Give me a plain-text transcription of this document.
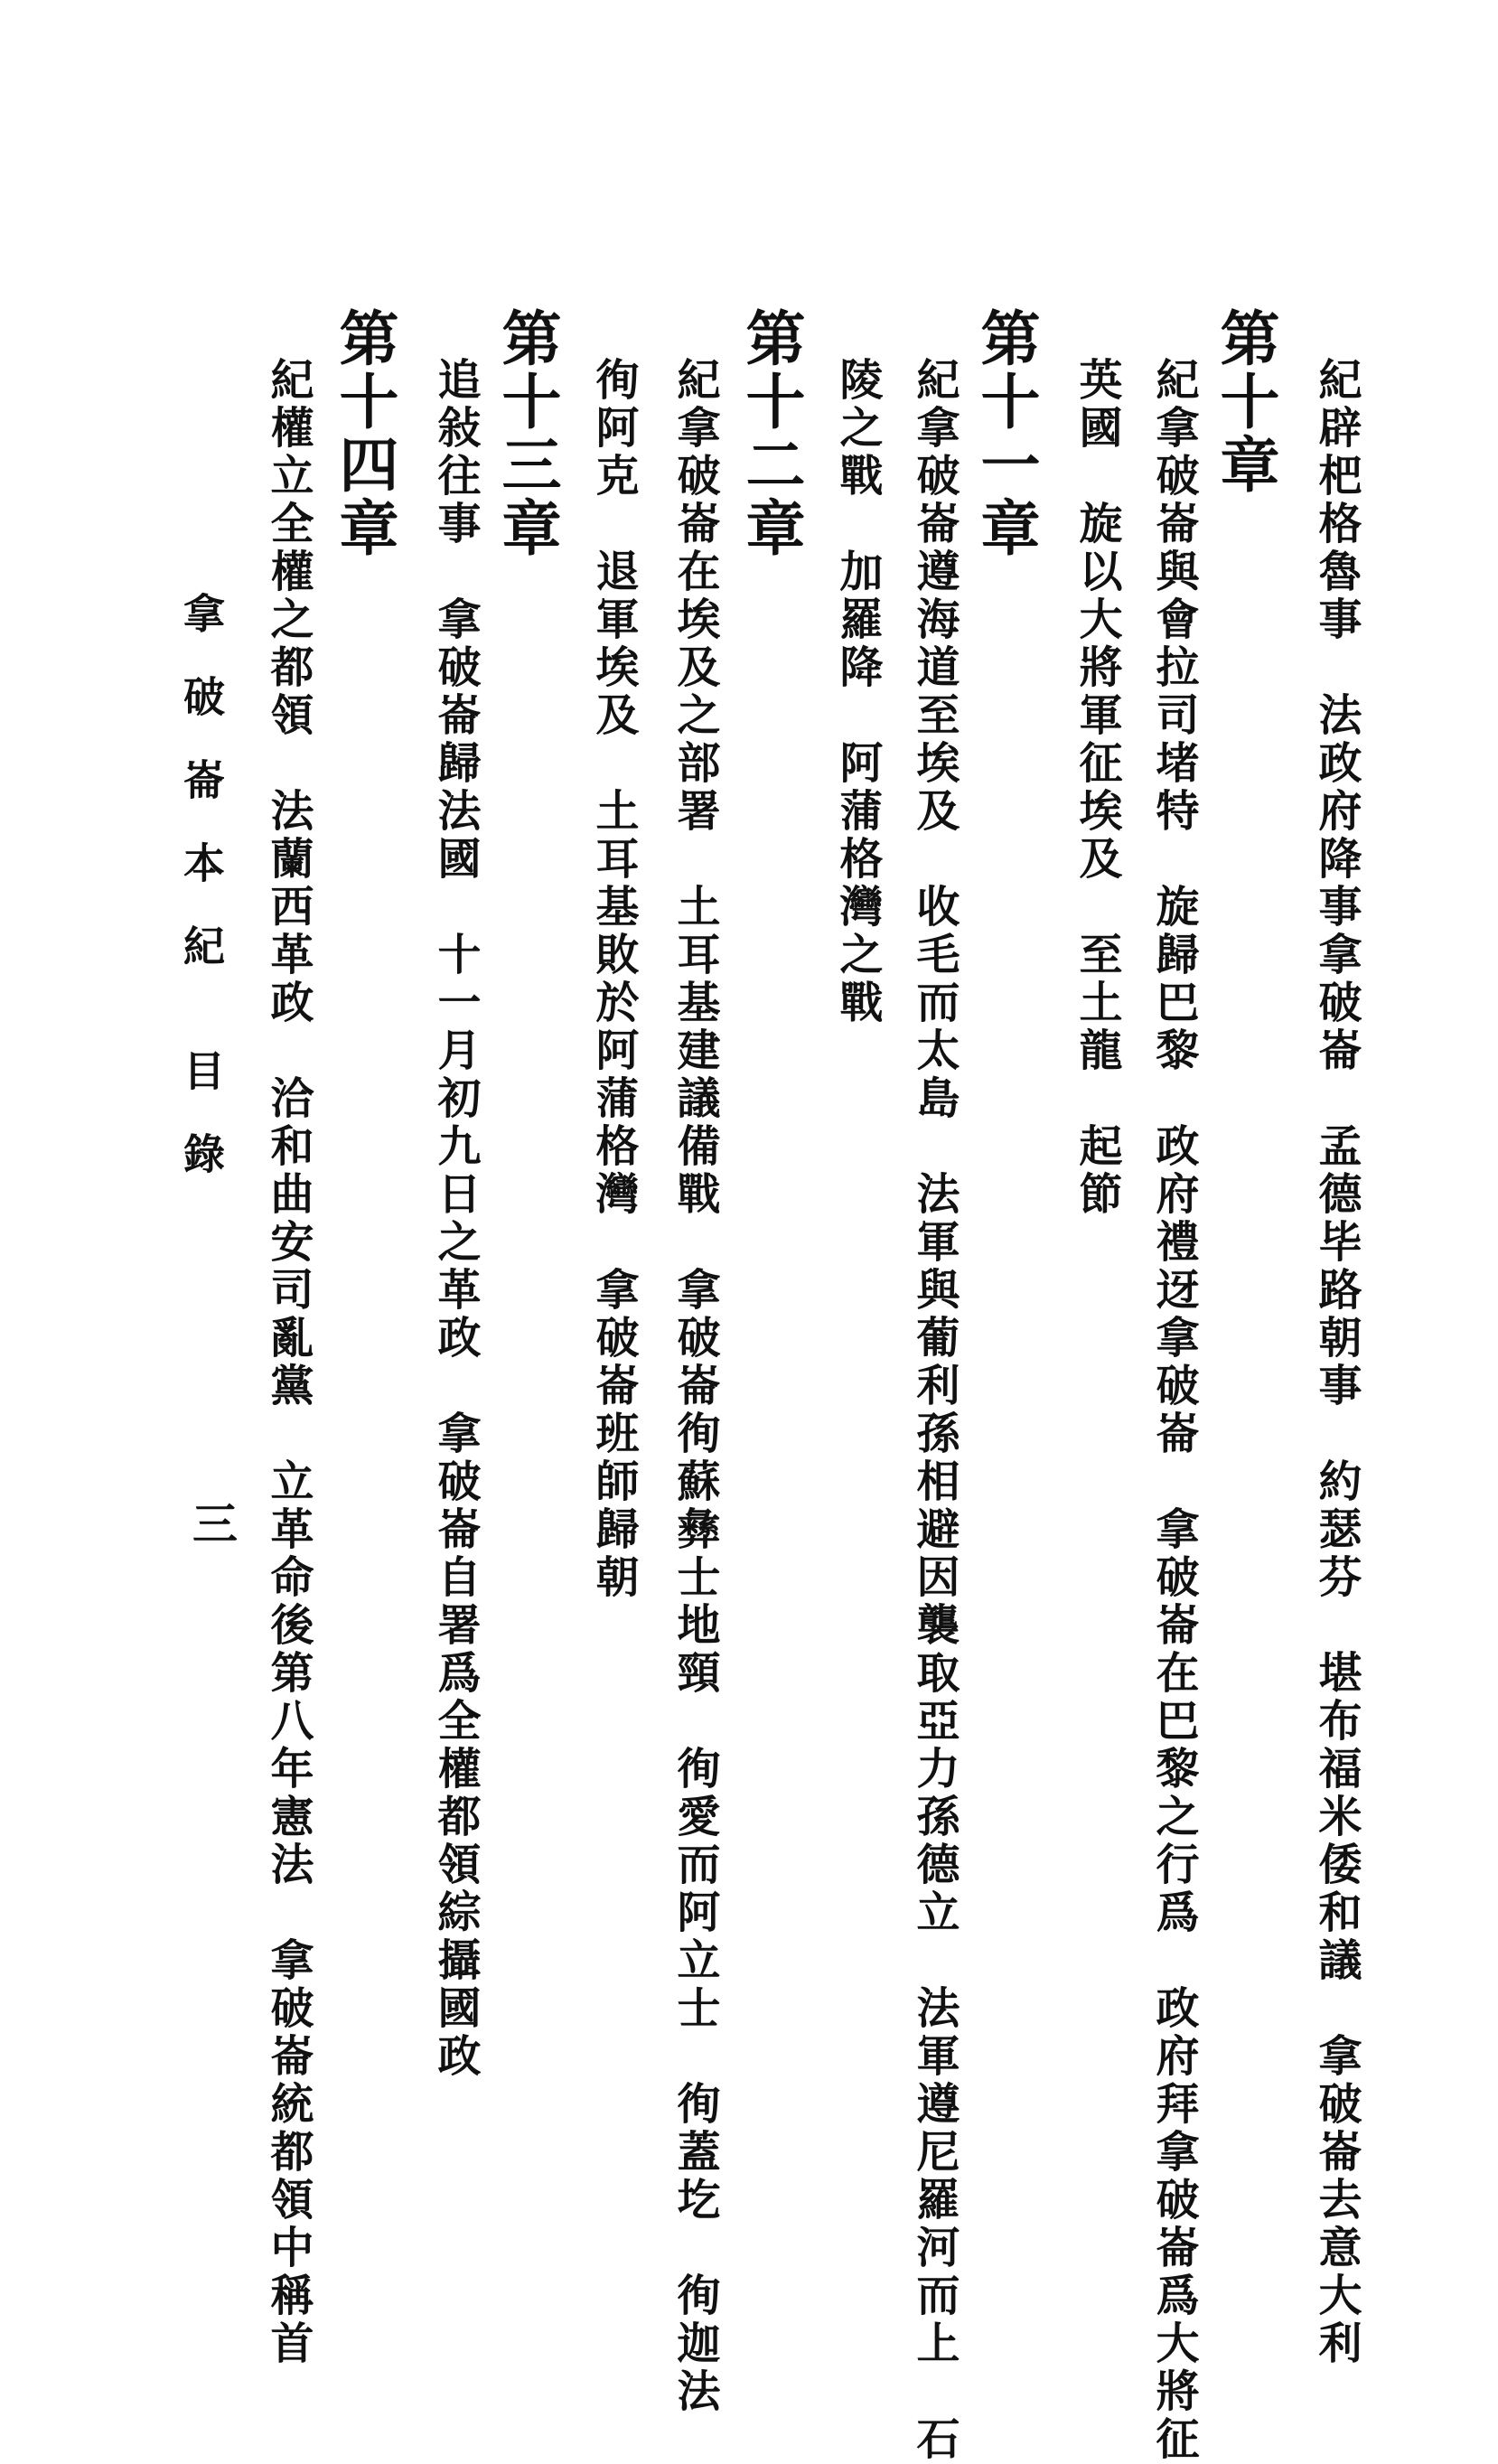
第十章 紀辟杷格魯事　法政府降事拿破崙　孟德毕路朝事　約瑟芬　堪布福米倭和議　拿破崙去意大利
紀拿破崙與會拉司堵特　旋歸巴黎　政府禮迓拿破崙　拿破崙在巴黎之行爲　政府拜拿破崙爲大將征
英國　旋以大將軍征埃及　至土龍　起節
第十一章
紀拿破崙遵海道至埃及　收毛而太島　法軍與葡利孫相避因襲取亞力孫德立　法軍遵尼羅河而上　石
陵之戰　加羅降　阿蒲格灣之戰
第十二章
紀拿破崙在埃及之部署　土耳基建議備戰　拿破崙徇蘇彝士地頸　徇愛而阿立士　徇蓋圪　徇迦法
徇阿克　退軍埃及　土耳基敗於阿蒲格灣　拿破崙班師歸朝
第十三章
追敍往事　拿破崙歸法國　十一月初九日之革政　拿破崙自署爲全權都領綜攝國政
第十四章
紀權立全權之都領　法蘭西革政　洽和曲安司亂黨　立革命後第八年憲法　拿破崙統都領中稱首

拿破崙本紀目錄

三
